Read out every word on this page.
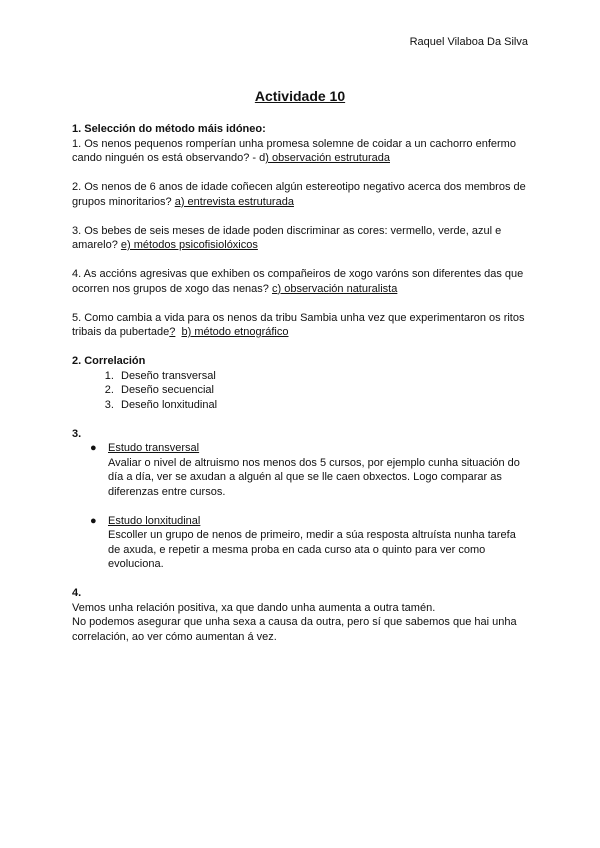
Raquel Vilaboa Da Silva
Actividade 10

1. Selección do método máis idóneo:

1. Os nenos pequenos romperían unha promesa solemne de coidar a un cachorro enfermo cando ninguén os está observando? - d) observación estruturada

2. Os nenos de 6 anos de idade coñecen algún estereotipo negativo acerca dos membros de grupos minoritarios? a) entrevista estruturada

3. Os bebes de seis meses de idade poden discriminar as cores: vermello, verde, azul e amarelo? e) métodos psicofisiolóxicos

4. As accións agresivas que exhiben os compañeiros de xogo varóns son diferentes das que ocorren nos grupos de xogo das nenas? c) observación naturalista

5. Como cambia a vida para os nenos da tribu Sambia unha vez que experimentaron os ritos tribais da pubertade? b) método etnográfico

2. Correlación

1. Deseño transversal
2. Deseño secuencial
3. Deseño lonxitudinal

3.

● Estudo transversal
Avaliar o nivel de altruismo nos menos dos 5 cursos, por ejemplo cunha situación do día a día, ver se axudan a alguén al que se lle caen obxectos. Logo comparar as diferenzas entre cursos.
● Estudo lonxitudinal
Escoller un grupo de nenos de primeiro, medir a súa resposta altruísta nunha tarefa de axuda, e repetir a mesma proba en cada curso ata o quinto para ver como evoluciona.

4.

Vemos unha relación positiva, xa que dando unha aumenta a outra tamén.

No podemos asegurar que unha sexa a causa da outra, pero sí que sabemos que hai unha correlación, ao ver cómo aumentan á vez.
